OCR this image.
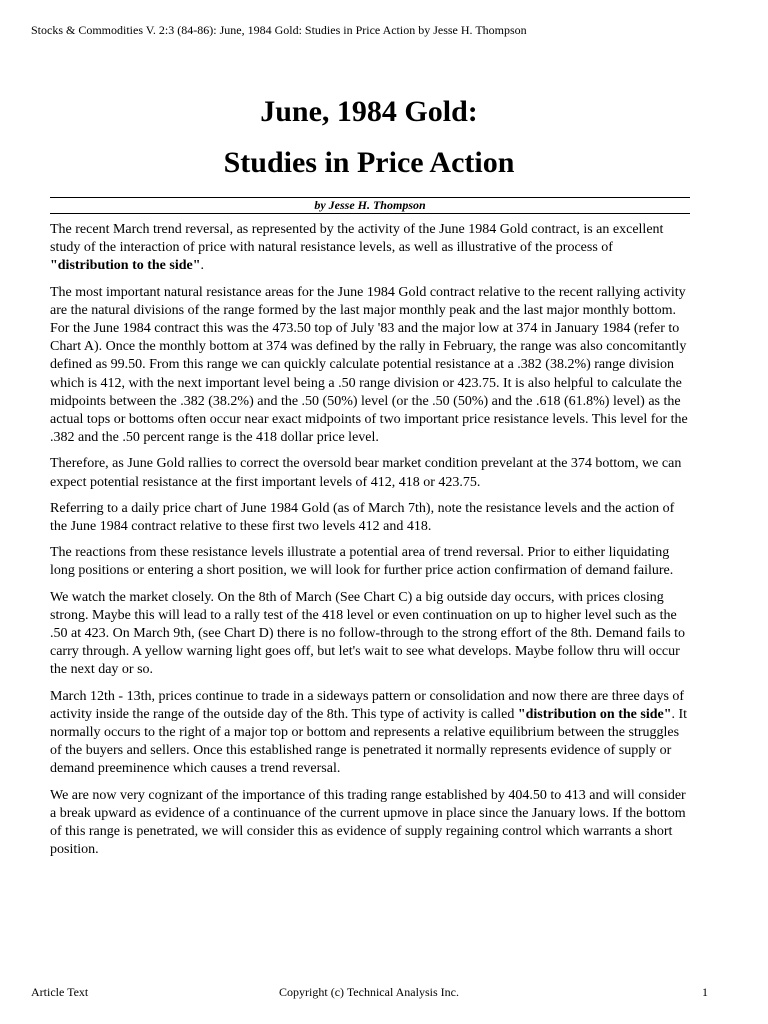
Stocks & Commodities V. 2:3 (84-86): June, 1984 Gold: Studies in Price Action by Jesse H. Thompson
June, 1984 Gold:
Studies in Price Action
by Jesse H. Thompson

The recent March trend reversal, as represented by the activity of the June 1984 Gold contract, is an excellent study of the interaction of price with natural resistance levels, as well as illustrative of the process of "distribution to the side".

The most important natural resistance areas for the June 1984 Gold contract relative to the recent rallying activity are the natural divisions of the range formed by the last major monthly peak and the last major monthly bottom. For the June 1984 contract this was the 473.50 top of July '83 and the major low at 374 in January 1984 (refer to Chart A). Once the monthly bottom at 374 was defined by the rally in February, the range was also concomitantly defined as 99.50. From this range we can quickly calculate potential resistance at a .382 (38.2%) range division which is 412, with the next important level being a .50 range division or 423.75. It is also helpful to calculate the midpoints between the .382 (38.2%) and the .50 (50%) level (or the .50 (50%) and the .618 (61.8%) level) as the actual tops or bottoms often occur near exact midpoints of two important price resistance levels. This level for the .382 and the .50 percent range is the 418 dollar price level.

Therefore, as June Gold rallies to correct the oversold bear market condition prevelant at the 374 bottom, we can expect potential resistance at the first important levels of 412, 418 or 423.75.

Referring to a daily price chart of June 1984 Gold (as of March 7th), note the resistance levels and the action of the June 1984 contract relative to these first two levels 412 and 418.

The reactions from these resistance levels illustrate a potential area of trend reversal. Prior to either liquidating long positions or entering a short position, we will look for further price action confirmation of demand failure.

We watch the market closely. On the 8th of March (See Chart C) a big outside day occurs, with prices closing strong. Maybe this will lead to a rally test of the 418 level or even continuation on up to higher level such as the .50 at 423. On March 9th, (see Chart D) there is no follow-through to the strong effort of the 8th. Demand fails to carry through. A yellow warning light goes off, but let's wait to see what develops. Maybe follow thru will occur the next day or so.

March 12th - 13th, prices continue to trade in a sideways pattern or consolidation and now there are three days of activity inside the range of the outside day of the 8th. This type of activity is called "distribution on the side". It normally occurs to the right of a major top or bottom and represents a relative equilibrium between the struggles of the buyers and sellers. Once this established range is penetrated it normally represents evidence of supply or demand preeminence which causes a trend reversal.

We are now very cognizant of the importance of this trading range established by 404.50 to 413 and will consider a break upward as evidence of a continuance of the current upmove in place since the January lows. If the bottom of this range is penetrated, we will consider this as evidence of supply regaining control which warrants a short position.

Article Text	Copyright (c) Technical Analysis Inc.	1
